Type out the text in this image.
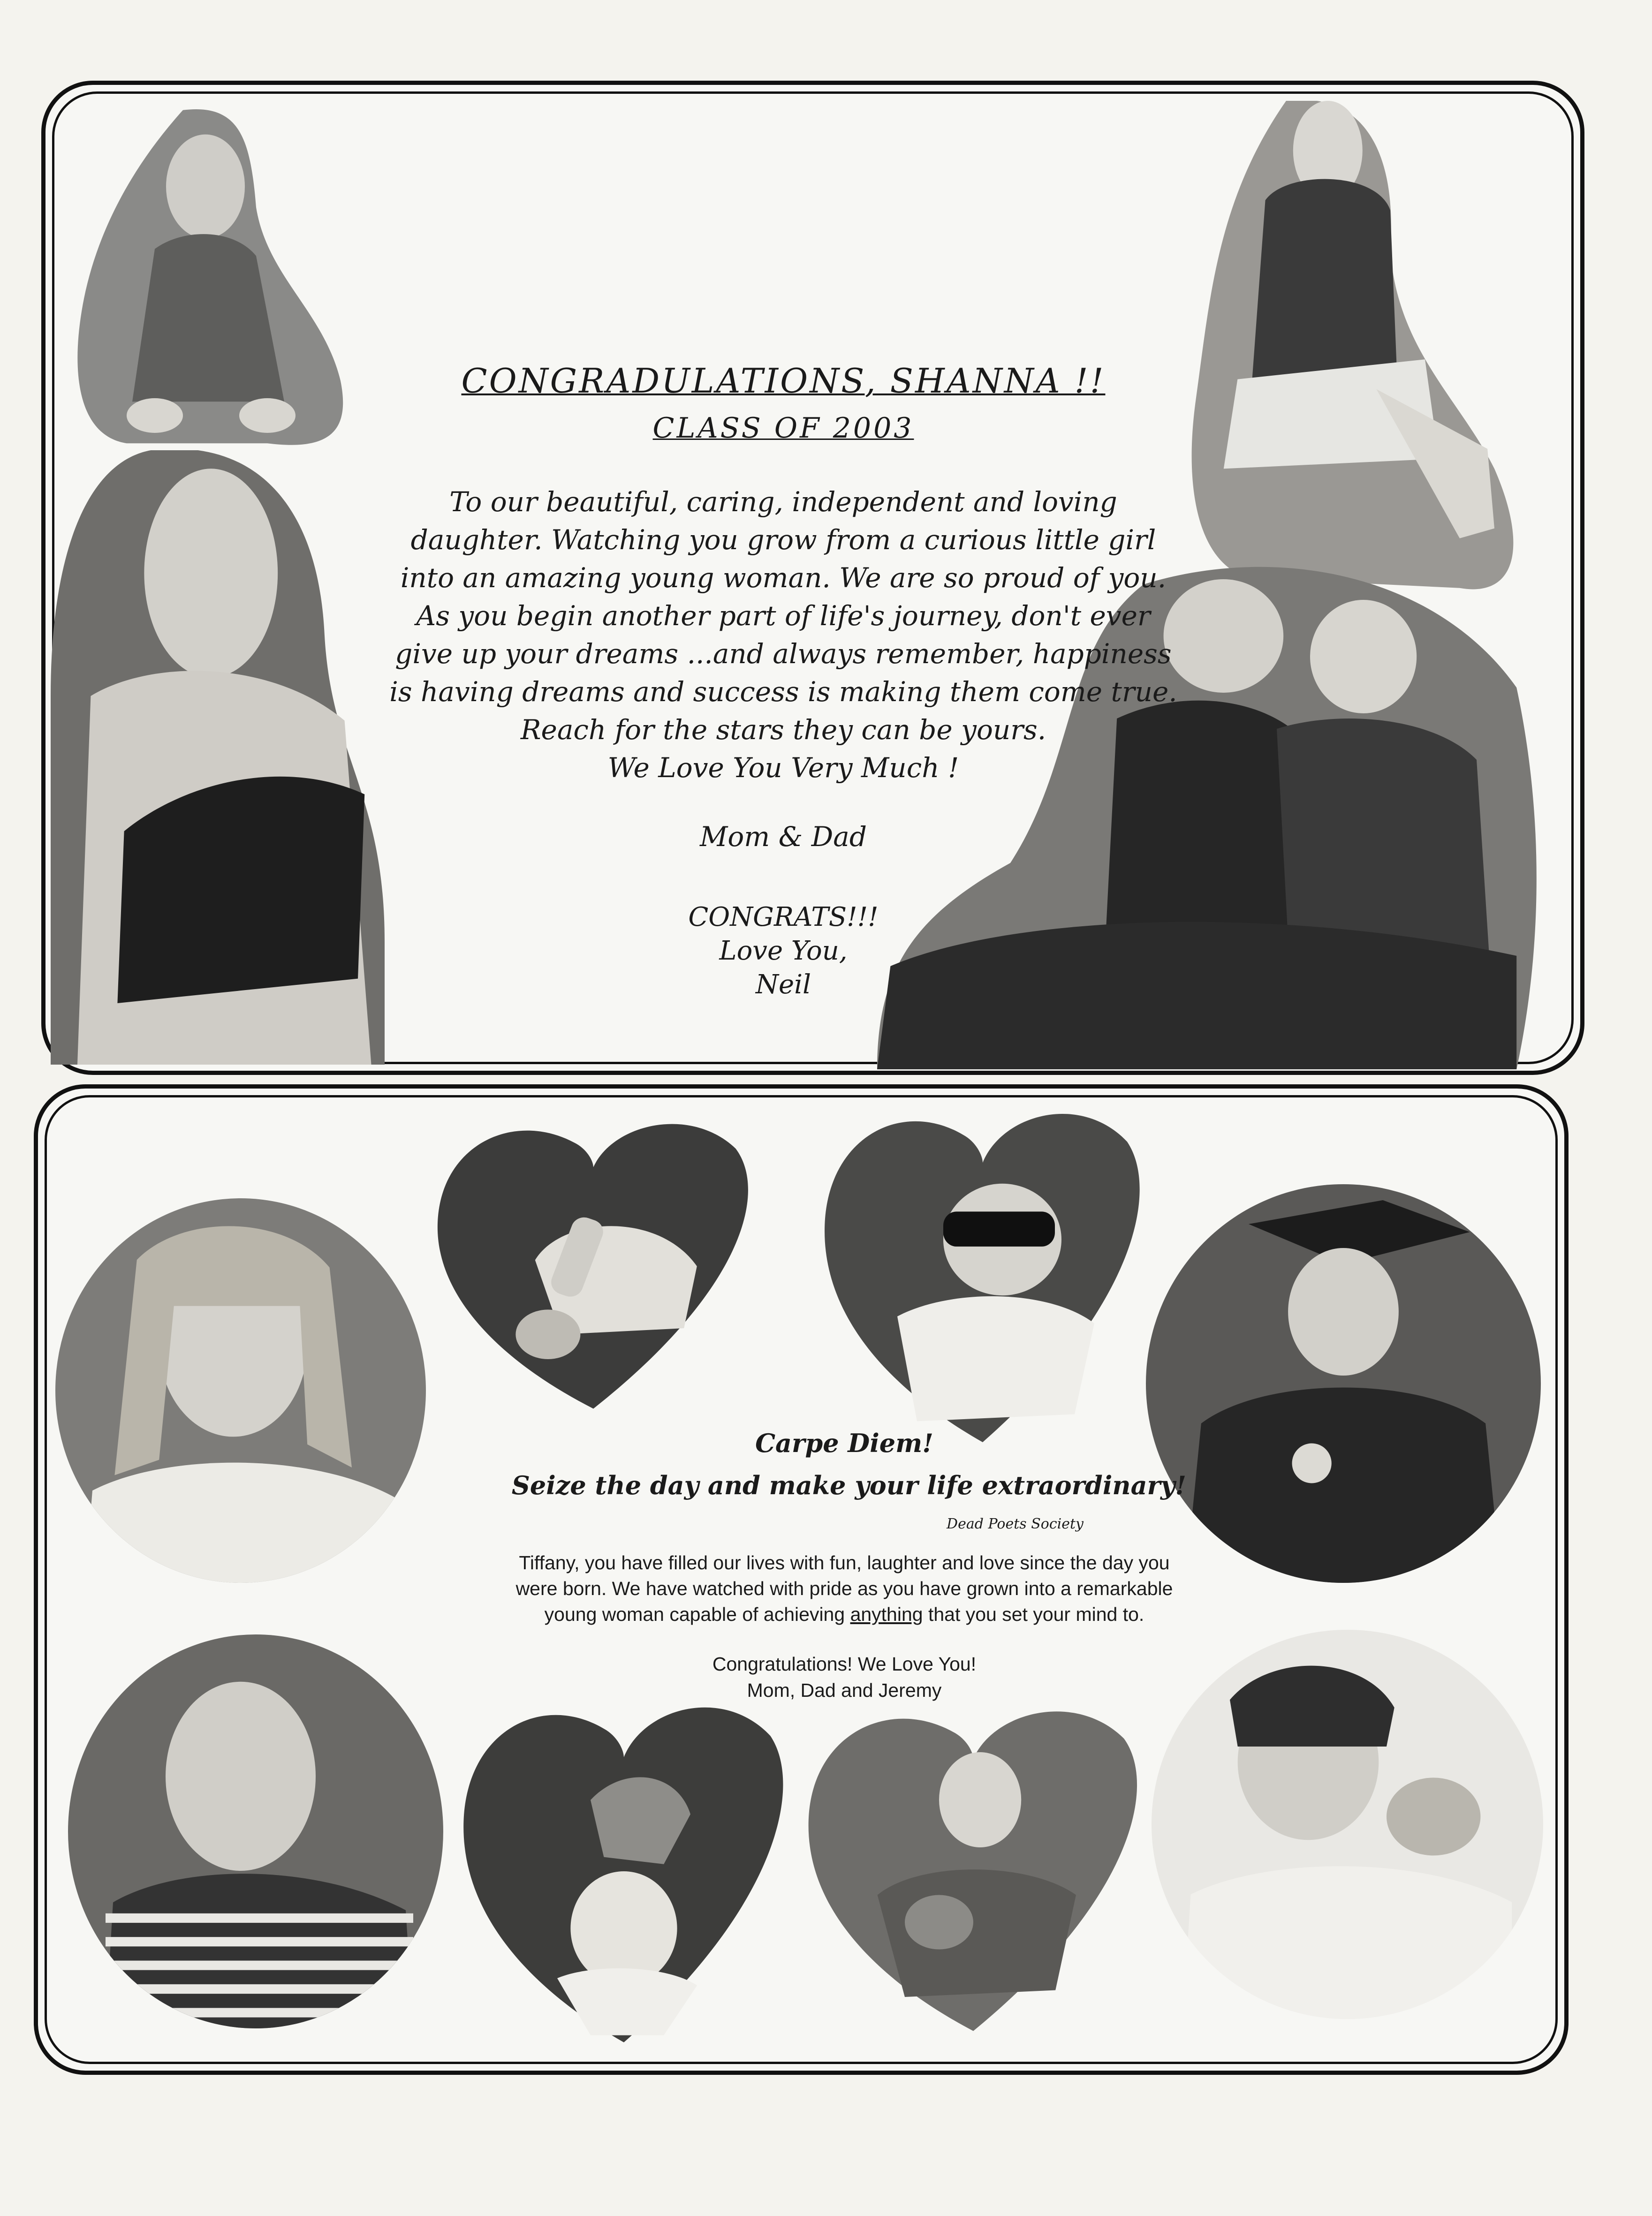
CONGRADULATIONS, SHANNA !!
CLASS OF 2003
To our beautiful, caring, independent and loving
daughter. Watching you grow from a curious little girl
into an amazing young woman. We are so proud of you.
As you begin another part of life's journey, don't ever
give up your dreams ...and always remember, happiness
is having dreams and success is making them come true.
Reach for the stars they can be yours.
We Love You Very Much !
Mom & Dad
CONGRATS!!!
Love You,
Neil
Carpe Diem!
Seize the day and make your life extraordinary!
Dead Poets Society
Tiffany, you have filled our lives with fun, laughter and love since the day you
were born. We have watched with pride as you have grown into a remarkable
young woman capable of achieving anything that you set your mind to.
Congratulations! We Love You!
Mom, Dad and Jeremy
